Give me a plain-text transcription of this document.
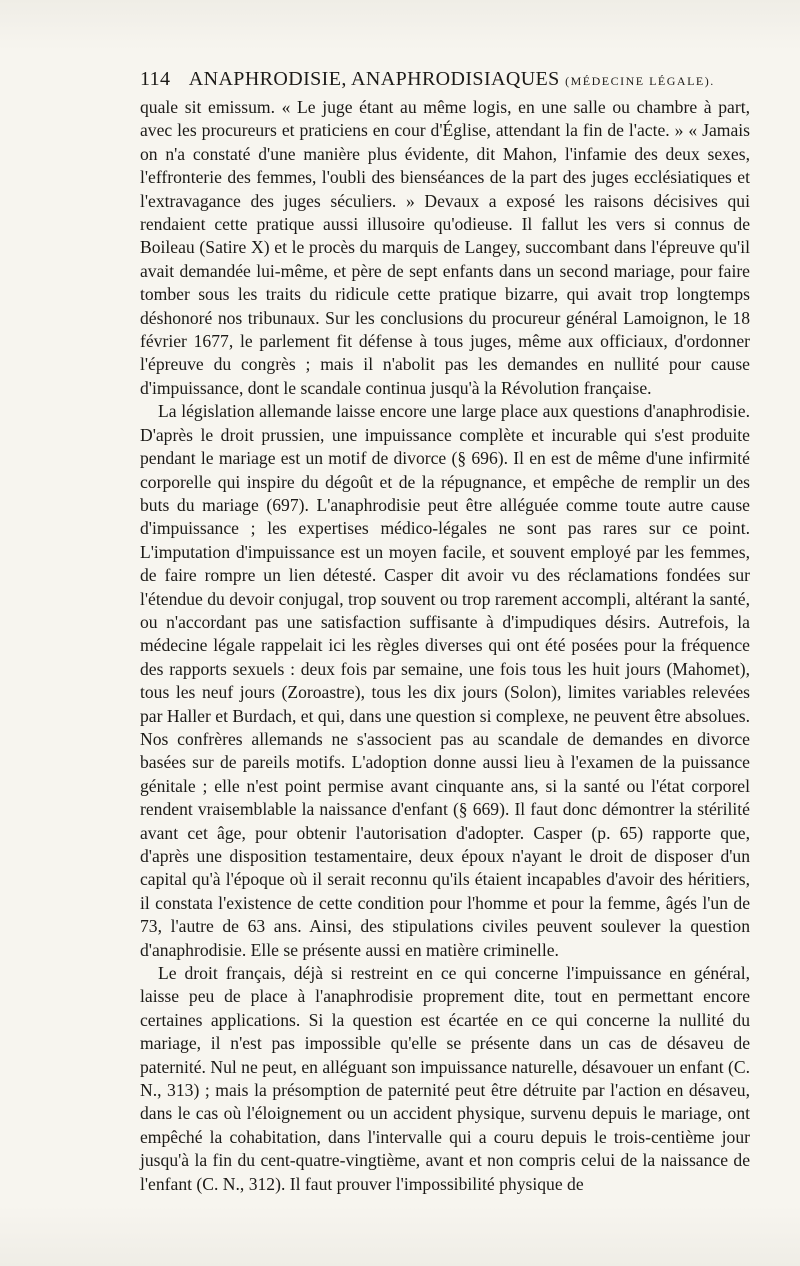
114 ANAPHRODISIE, ANAPHRODISIAQUES (MÉDECINE LÉGALE).

quale sit emissum. « Le juge étant au même logis, en une salle ou chambre à part, avec les procureurs et praticiens en cour d'Église, attendant la fin de l'acte. » « Jamais on n'a constaté d'une manière plus évidente, dit Mahon, l'infamie des deux sexes, l'effronterie des femmes, l'oubli des bienséances de la part des juges ecclésiatiques et l'extravagance des juges séculiers. » Devaux a exposé les raisons décisives qui rendaient cette pratique aussi illusoire qu'odieuse. Il fallut les vers si connus de Boileau (Satire X) et le procès du marquis de Langey, succombant dans l'épreuve qu'il avait demandée lui-même, et père de sept enfants dans un second mariage, pour faire tomber sous les traits du ridicule cette pratique bizarre, qui avait trop longtemps déshonoré nos tribunaux. Sur les conclusions du procureur général Lamoignon, le 18 février 1677, le parlement fit défense à tous juges, même aux officiaux, d'ordonner l'épreuve du congrès ; mais il n'abolit pas les demandes en nullité pour cause d'impuissance, dont le scandale continua jusqu'à la Révolution française.

La législation allemande laisse encore une large place aux questions d'anaphrodisie. D'après le droit prussien, une impuissance complète et incurable qui s'est produite pendant le mariage est un motif de divorce (§ 696). Il en est de même d'une infirmité corporelle qui inspire du dégoût et de la répugnance, et empêche de remplir un des buts du mariage (697). L'anaphrodisie peut être alléguée comme toute autre cause d'impuissance ; les expertises médico-légales ne sont pas rares sur ce point. L'imputation d'impuissance est un moyen facile, et souvent employé par les femmes, de faire rompre un lien détesté. Casper dit avoir vu des réclamations fondées sur l'étendue du devoir conjugal, trop souvent ou trop rarement accompli, altérant la santé, ou n'accordant pas une satisfaction suffisante à d'impudiques désirs. Autrefois, la médecine légale rappelait ici les règles diverses qui ont été posées pour la fréquence des rapports sexuels : deux fois par semaine, une fois tous les huit jours (Mahomet), tous les neuf jours (Zoroastre), tous les dix jours (Solon), limites variables relevées par Haller et Burdach, et qui, dans une question si complexe, ne peuvent être absolues. Nos confrères allemands ne s'associent pas au scandale de demandes en divorce basées sur de pareils motifs. L'adoption donne aussi lieu à l'examen de la puissance génitale ; elle n'est point permise avant cinquante ans, si la santé ou l'état corporel rendent vraisemblable la naissance d'enfant (§ 669). Il faut donc démontrer la stérilité avant cet âge, pour obtenir l'autorisation d'adopter. Casper (p. 65) rapporte que, d'après une disposition testamentaire, deux époux n'ayant le droit de disposer d'un capital qu'à l'époque où il serait reconnu qu'ils étaient incapables d'avoir des héritiers, il constata l'existence de cette condition pour l'homme et pour la femme, âgés l'un de 73, l'autre de 63 ans. Ainsi, des stipulations civiles peuvent soulever la question d'anaphrodisie. Elle se présente aussi en matière criminelle.

Le droit français, déjà si restreint en ce qui concerne l'impuissance en général, laisse peu de place à l'anaphrodisie proprement dite, tout en permettant encore certaines applications. Si la question est écartée en ce qui concerne la nullité du mariage, il n'est pas impossible qu'elle se présente dans un cas de désaveu de paternité. Nul ne peut, en alléguant son impuissance naturelle, désavouer un enfant (C. N., 313) ; mais la présomption de paternité peut être détruite par l'action en désaveu, dans le cas où l'éloignement ou un accident physique, survenu depuis le mariage, ont empêché la cohabitation, dans l'intervalle qui a couru depuis le trois-centième jour jusqu'à la fin du cent-quatre-vingtième, avant et non compris celui de la naissance de l'enfant (C. N., 312). Il faut prouver l'impossibilité physique de
